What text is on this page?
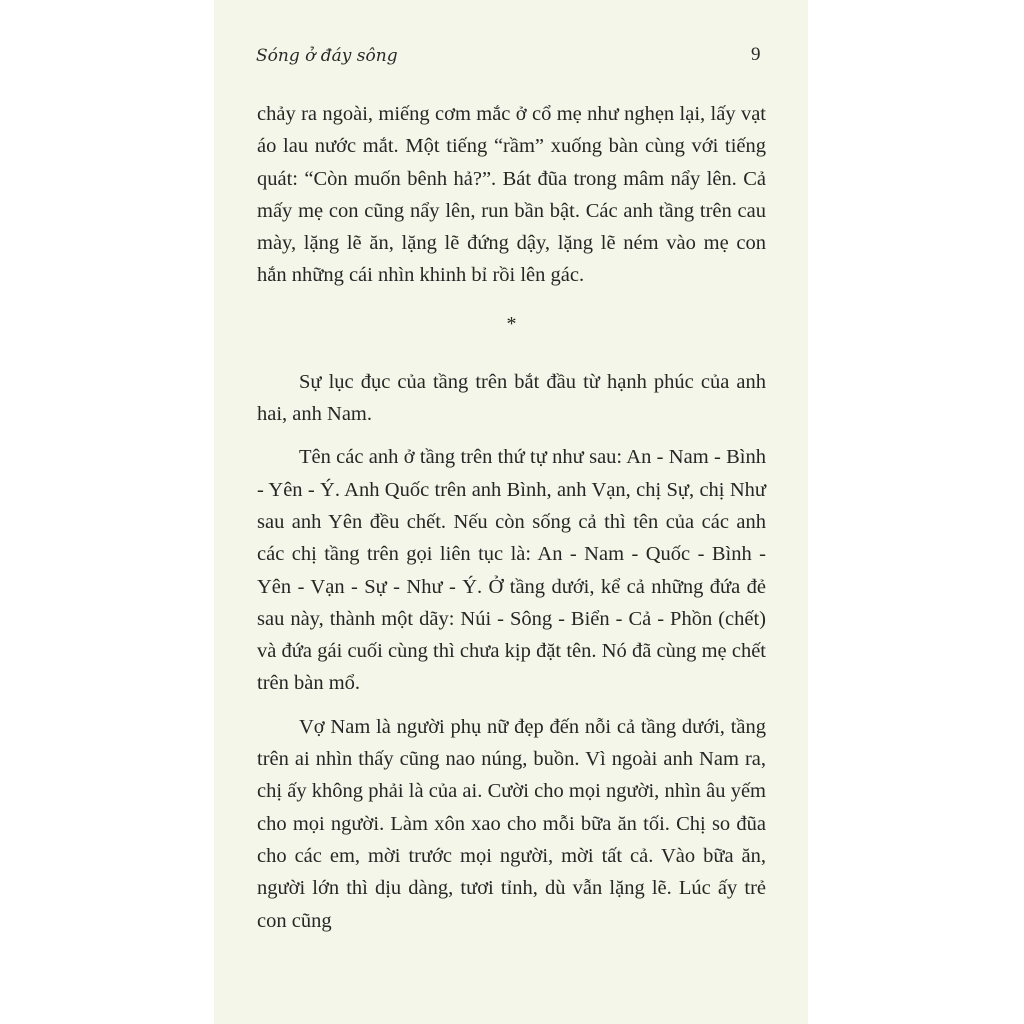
Sóng ở đáy sông	9

chảy ra ngoài, miếng cơm mắc ở cổ mẹ như nghẹn lại, lấy vạt áo lau nước mắt. Một tiếng “rầm” xuống bàn cùng với tiếng quát: “Còn muốn bênh hả?”. Bát đũa trong mâm nẩy lên. Cả mấy mẹ con cũng nẩy lên, run bần bật. Các anh tầng trên cau mày, lặng lẽ ăn, lặng lẽ đứng dậy, lặng lẽ ném vào mẹ con hắn những cái nhìn khinh bỉ rồi lên gác.

*

Sự lục đục của tầng trên bắt đầu từ hạnh phúc của anh hai, anh Nam.

Tên các anh ở tầng trên thứ tự như sau: An - Nam - Bình - Yên - Ý. Anh Quốc trên anh Bình, anh Vạn, chị Sự, chị Như sau anh Yên đều chết. Nếu còn sống cả thì tên của các anh các chị tầng trên gọi liên tục là: An - Nam - Quốc - Bình - Yên - Vạn - Sự - Như - Ý. Ở tầng dưới, kể cả những đứa đẻ sau này, thành một dãy: Núi - Sông - Biển - Cả - Phồn (chết) và đứa gái cuối cùng thì chưa kịp đặt tên. Nó đã cùng mẹ chết trên bàn mổ.

Vợ Nam là người phụ nữ đẹp đến nỗi cả tầng dưới, tầng trên ai nhìn thấy cũng nao núng, buồn. Vì ngoài anh Nam ra, chị ấy không phải là của ai. Cười cho mọi người, nhìn âu yếm cho mọi người. Làm xôn xao cho mỗi bữa ăn tối. Chị so đũa cho các em, mời trước mọi người, mời tất cả. Vào bữa ăn, người lớn thì dịu dàng, tươi tỉnh, dù vẫn lặng lẽ. Lúc ấy trẻ con cũng
